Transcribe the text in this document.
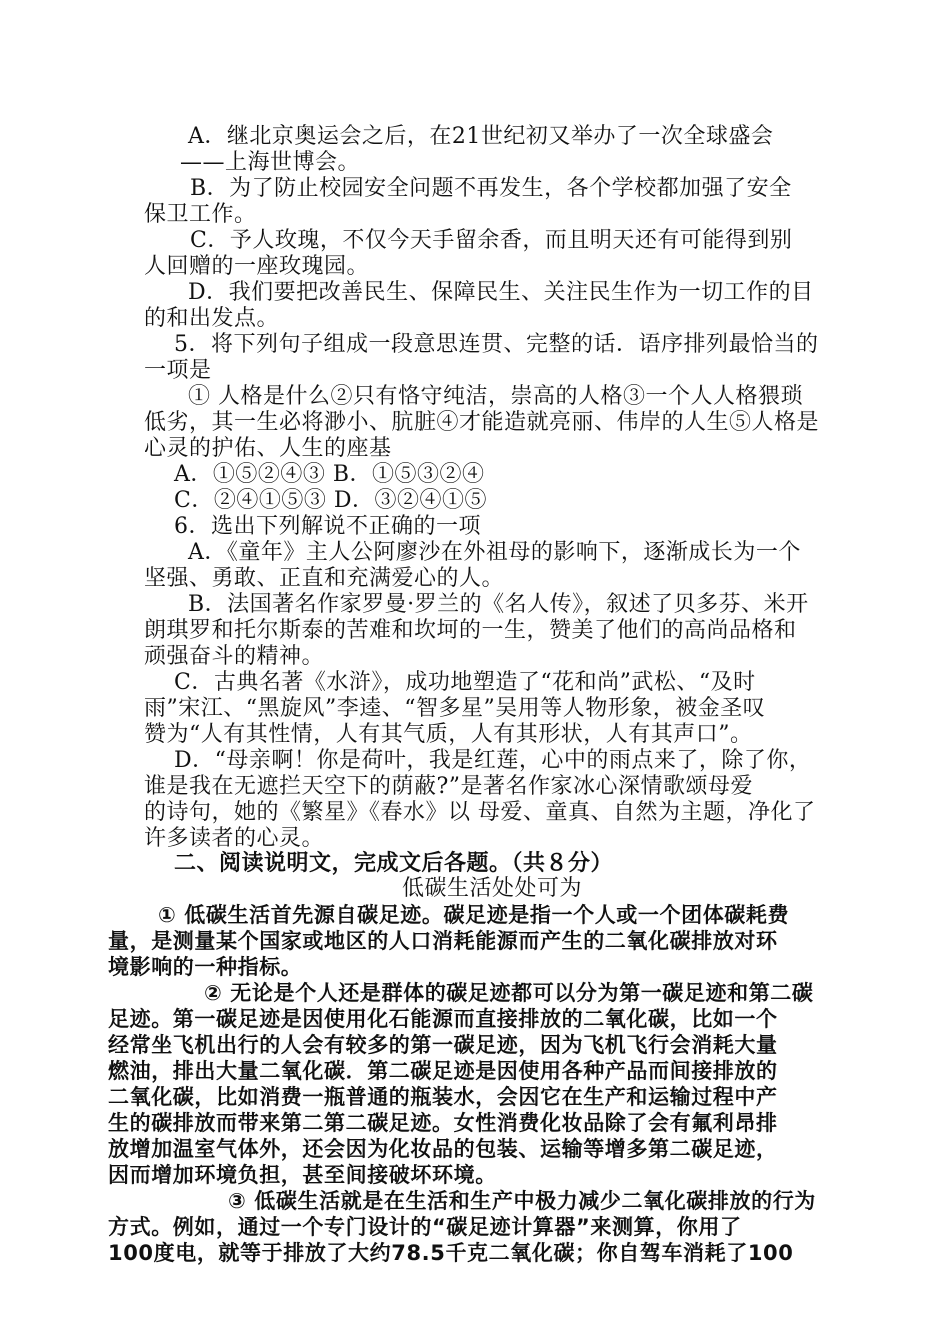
A．继北京奥运会之后，在21世纪初又举办了一次全球盛会
——上海世博会。
B．为了防止校园安全问题不再发生，各个学校都加强了安全
保卫工作。
C．予人玫瑰，不仅今天手留余香，而且明天还有可能得到别
人回赠的一座玫瑰园。
D．我们要把改善民生、保障民生、关注民生作为一切工作的目
的和出发点。
5．将下列句子组成一段意思连贯、完整的话．语序排列最恰当的
一项是
① 人格是什么②只有恪守纯洁，崇高的人格③一个人人格猥琐
低劣，其一生必将渺小、肮脏④才能造就亮丽、伟岸的人生⑤人格是
心灵的护佑、人生的座基
A．①⑤②④③ B．①⑤③②④
C．②④①⑤③ D．③②④①⑤
6．选出下列解说不正确的一项
A．《童年》主人公阿廖沙在外祖母的影响下，逐渐成长为一个
坚强、勇敢、正直和充满爱心的人。
B．法国著名作家罗曼·罗兰的《名人传》，叙述了贝多芬、米开
朗琪罗和托尔斯泰的苦难和坎坷的一生，赞美了他们的高尚品格和
顽强奋斗的精神。
C．古典名著《水浒》，成功地塑造了“花和尚”武松、“及时
雨”宋江、“黑旋风”李逵、“智多星”吴用等人物形象，被金圣叹
赞为“人有其性情，人有其气质，人有其形状，人有其声口”。
D．“母亲啊！你是荷叶，我是红莲，心中的雨点来了，除了你，
谁是我在无遮拦天空下的荫蔽?”是著名作家冰心深情歌颂母爱
的诗句，她的《繁星》《春水》以 母爱、童真、自然为主题，净化了
许多读者的心灵。
二、阅读说明文，完成文后各题。（共８分）
低碳生活处处可为
① 低碳生活首先源自碳足迹。碳足迹是指一个人或一个团体碳耗费
量，是测量某个国家或地区的人口消耗能源而产生的二氧化碳排放对环
境影响的一种指标。
② 无论是个人还是群体的碳足迹都可以分为第一碳足迹和第二碳
足迹。第一碳足迹是因使用化石能源而直接排放的二氧化碳，比如一个
经常坐飞机出行的人会有较多的第一碳足迹，因为飞机飞行会消耗大量
燃油，排出大量二氧化碳．第二碳足迹是因使用各种产品而间接排放的
二氧化碳，比如消费一瓶普通的瓶装水，会因它在生产和运输过程中产
生的碳排放而带来第二第二碳足迹。女性消费化妆品除了会有氟利昂排
放增加温室气体外，还会因为化妆品的包装、运输等增多第二碳足迹，
因而增加环境负担，甚至间接破坏环境。
③ 低碳生活就是在生活和生产中极力减少二氧化碳排放的行为
方式。例如，通过一个专门设计的“碳足迹计算器”来测算，你用了
100度电，就等于排放了大约78.5千克二氧化碳；你自驾车消耗了100
